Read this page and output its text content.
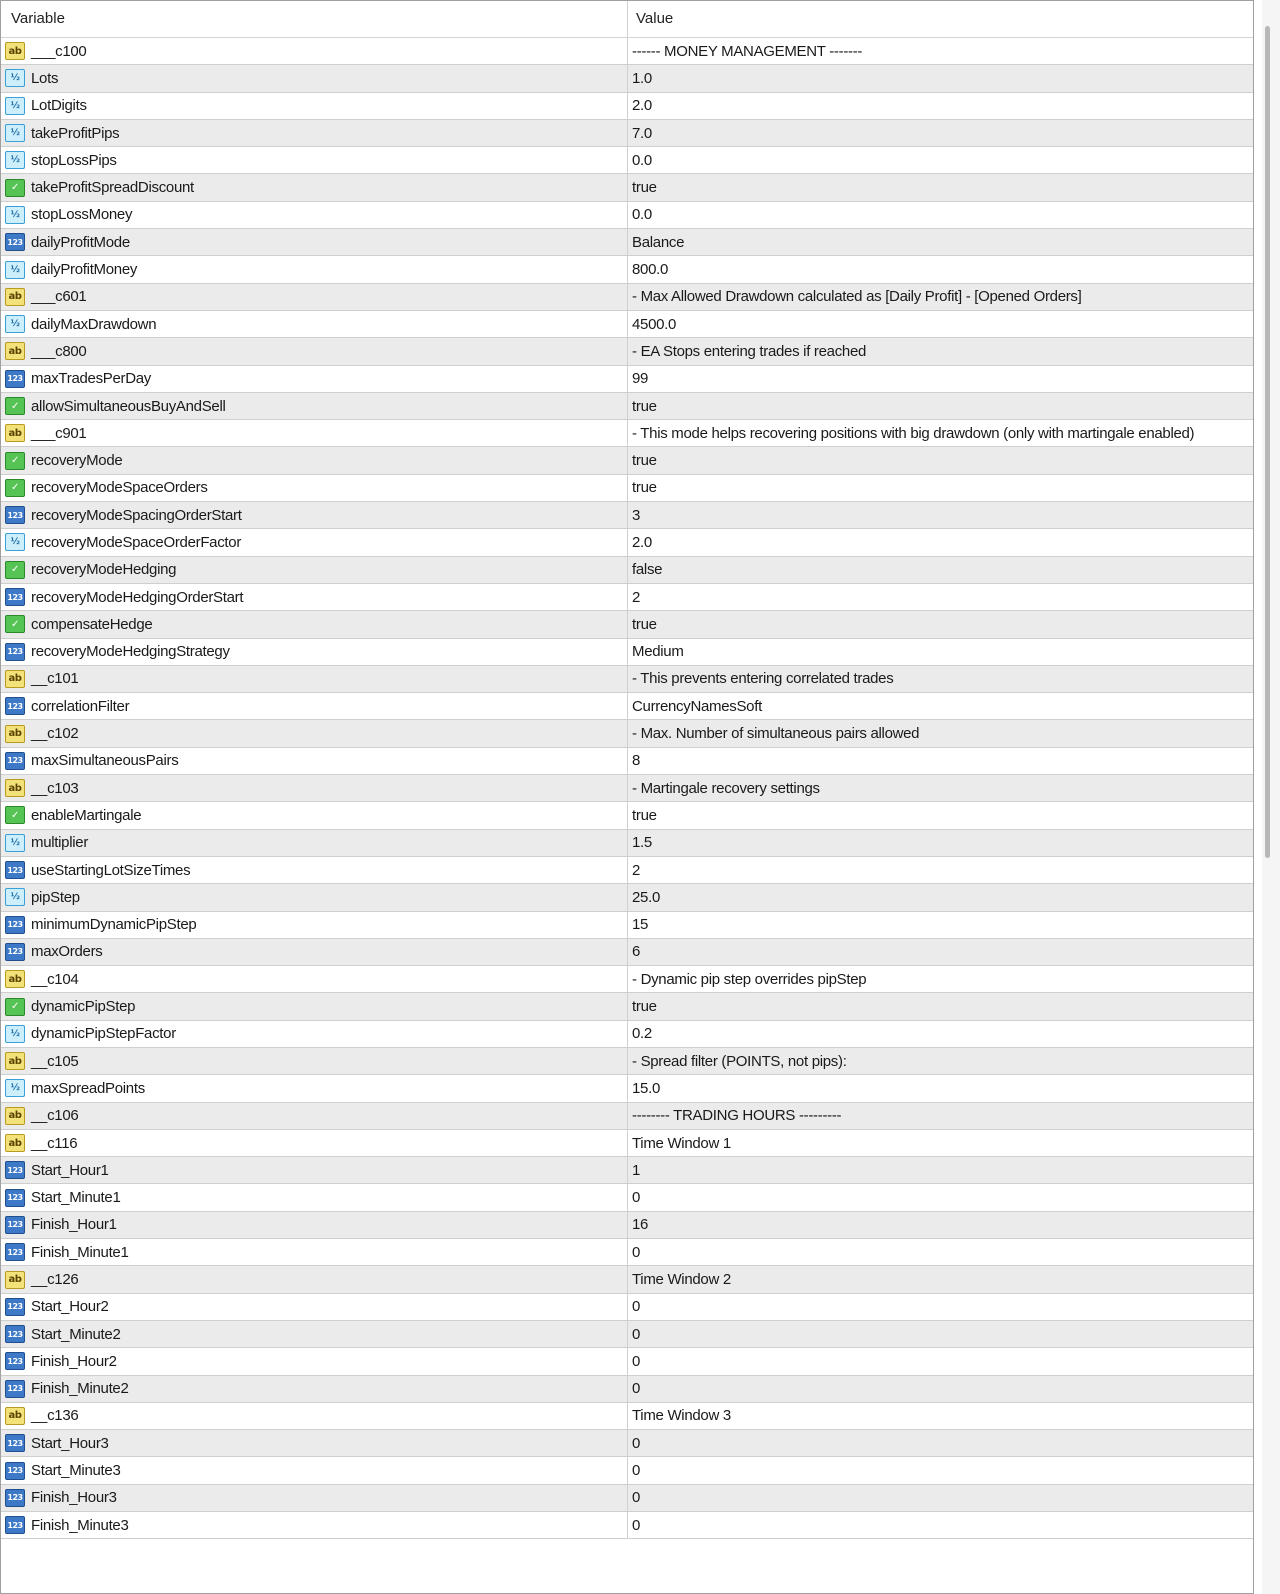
Variable	Value
ab ___c100	------ MONEY MANAGEMENT -------
½ Lots	1.0
½ LotDigits	2.0
½ takeProfitPips	7.0
½ stopLossPips	0.0
✓ takeProfitSpreadDiscount	true
½ stopLossMoney	0.0
123 dailyProfitMode	Balance
½ dailyProfitMoney	800.0
ab ___c601	- Max Allowed Drawdown calculated as [Daily Profit] - [Opened Orders]
½ dailyMaxDrawdown	4500.0
ab ___c800	- EA Stops entering trades if reached
123 maxTradesPerDay	99
✓ allowSimultaneousBuyAndSell	true
ab ___c901	- This mode helps recovering positions with big drawdown (only with martingale enabled)
✓ recoveryMode	true
✓ recoveryModeSpaceOrders	true
123 recoveryModeSpacingOrderStart	3
½ recoveryModeSpaceOrderFactor	2.0
✓ recoveryModeHedging	false
123 recoveryModeHedgingOrderStart	2
✓ compensateHedge	true
123 recoveryModeHedgingStrategy	Medium
ab __c101	- This prevents entering correlated trades
123 correlationFilter	CurrencyNamesSoft
ab __c102	- Max. Number of simultaneous pairs allowed
123 maxSimultaneousPairs	8
ab __c103	- Martingale recovery settings
✓ enableMartingale	true
½ multiplier	1.5
123 useStartingLotSizeTimes	2
½ pipStep	25.0
123 minimumDynamicPipStep	15
123 maxOrders	6
ab __c104	- Dynamic pip step overrides pipStep
✓ dynamicPipStep	true
½ dynamicPipStepFactor	0.2
ab __c105	- Spread filter (POINTS, not pips):
½ maxSpreadPoints	15.0
ab __c106	-------- TRADING HOURS ---------
ab __c116	Time Window 1
123 Start_Hour1	1
123 Start_Minute1	0
123 Finish_Hour1	16
123 Finish_Minute1	0
ab __c126	Time Window 2
123 Start_Hour2	0
123 Start_Minute2	0
123 Finish_Hour2	0
123 Finish_Minute2	0
ab __c136	Time Window 3
123 Start_Hour3	0
123 Start_Minute3	0
123 Finish_Hour3	0
123 Finish_Minute3	0
